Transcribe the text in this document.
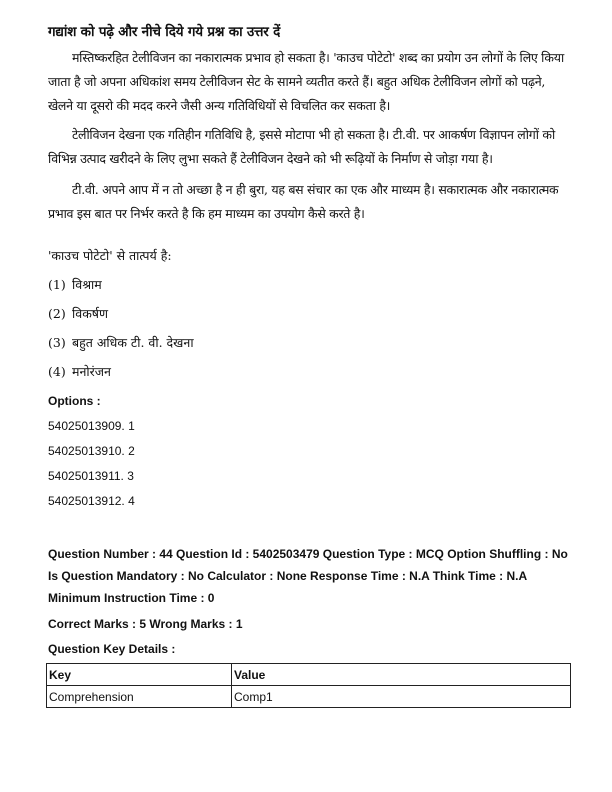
गद्यांश को पढ़े और नीचे दिये गये प्रश्न का उत्तर दें
मस्तिष्करहित टेलीविजन का नकारात्मक प्रभाव हो सकता है। 'काउच पोटेटो' शब्द का प्रयोग उन लोगों के लिए किया जाता है जो अपना अधिकांश समय टेलीविजन सेट के सामने व्यतीत करते हैं। बहुत अधिक टेलीविजन लोगों को पढ़ने, खेलने या दूसरो की मदद करने जैसी अन्य गतिविधियों से विचलित कर सकता है।
टेलीविजन देखना एक गतिहीन गतिविधि है, इससे मोटापा भी हो सकता है। टी.वी. पर आकर्षण विज्ञापन लोगों को विभिन्न उत्पाद खरीदने के लिए लुभा सकते हैं टेलीविजन देखने को भी रूढ़ियों के निर्माण से जोड़ा गया है।
टी.वी. अपने आप में न तो अच्छा है न ही बुरा, यह बस संचार का एक और माध्यम है। सकारात्मक और नकारात्मक प्रभाव इस बात पर निर्भर करते है कि हम माध्यम का उपयोग कैसे करते है।
'काउच पोटेटो' से तात्पर्य है:
(1) विश्राम
(2) विकर्षण
(3) बहुत अधिक टी. वी. देखना
(4) मनोरंजन
Options :
54025013909. 1
54025013910. 2
54025013911. 3
54025013912. 4
Question Number : 44 Question Id : 5402503479 Question Type : MCQ Option Shuffling : No Is Question Mandatory : No Calculator : None Response Time : N.A Think Time : N.A Minimum Instruction Time : 0
Correct Marks : 5 Wrong Marks : 1
Question Key Details :
Key	Value
Comprehension	Comp1
